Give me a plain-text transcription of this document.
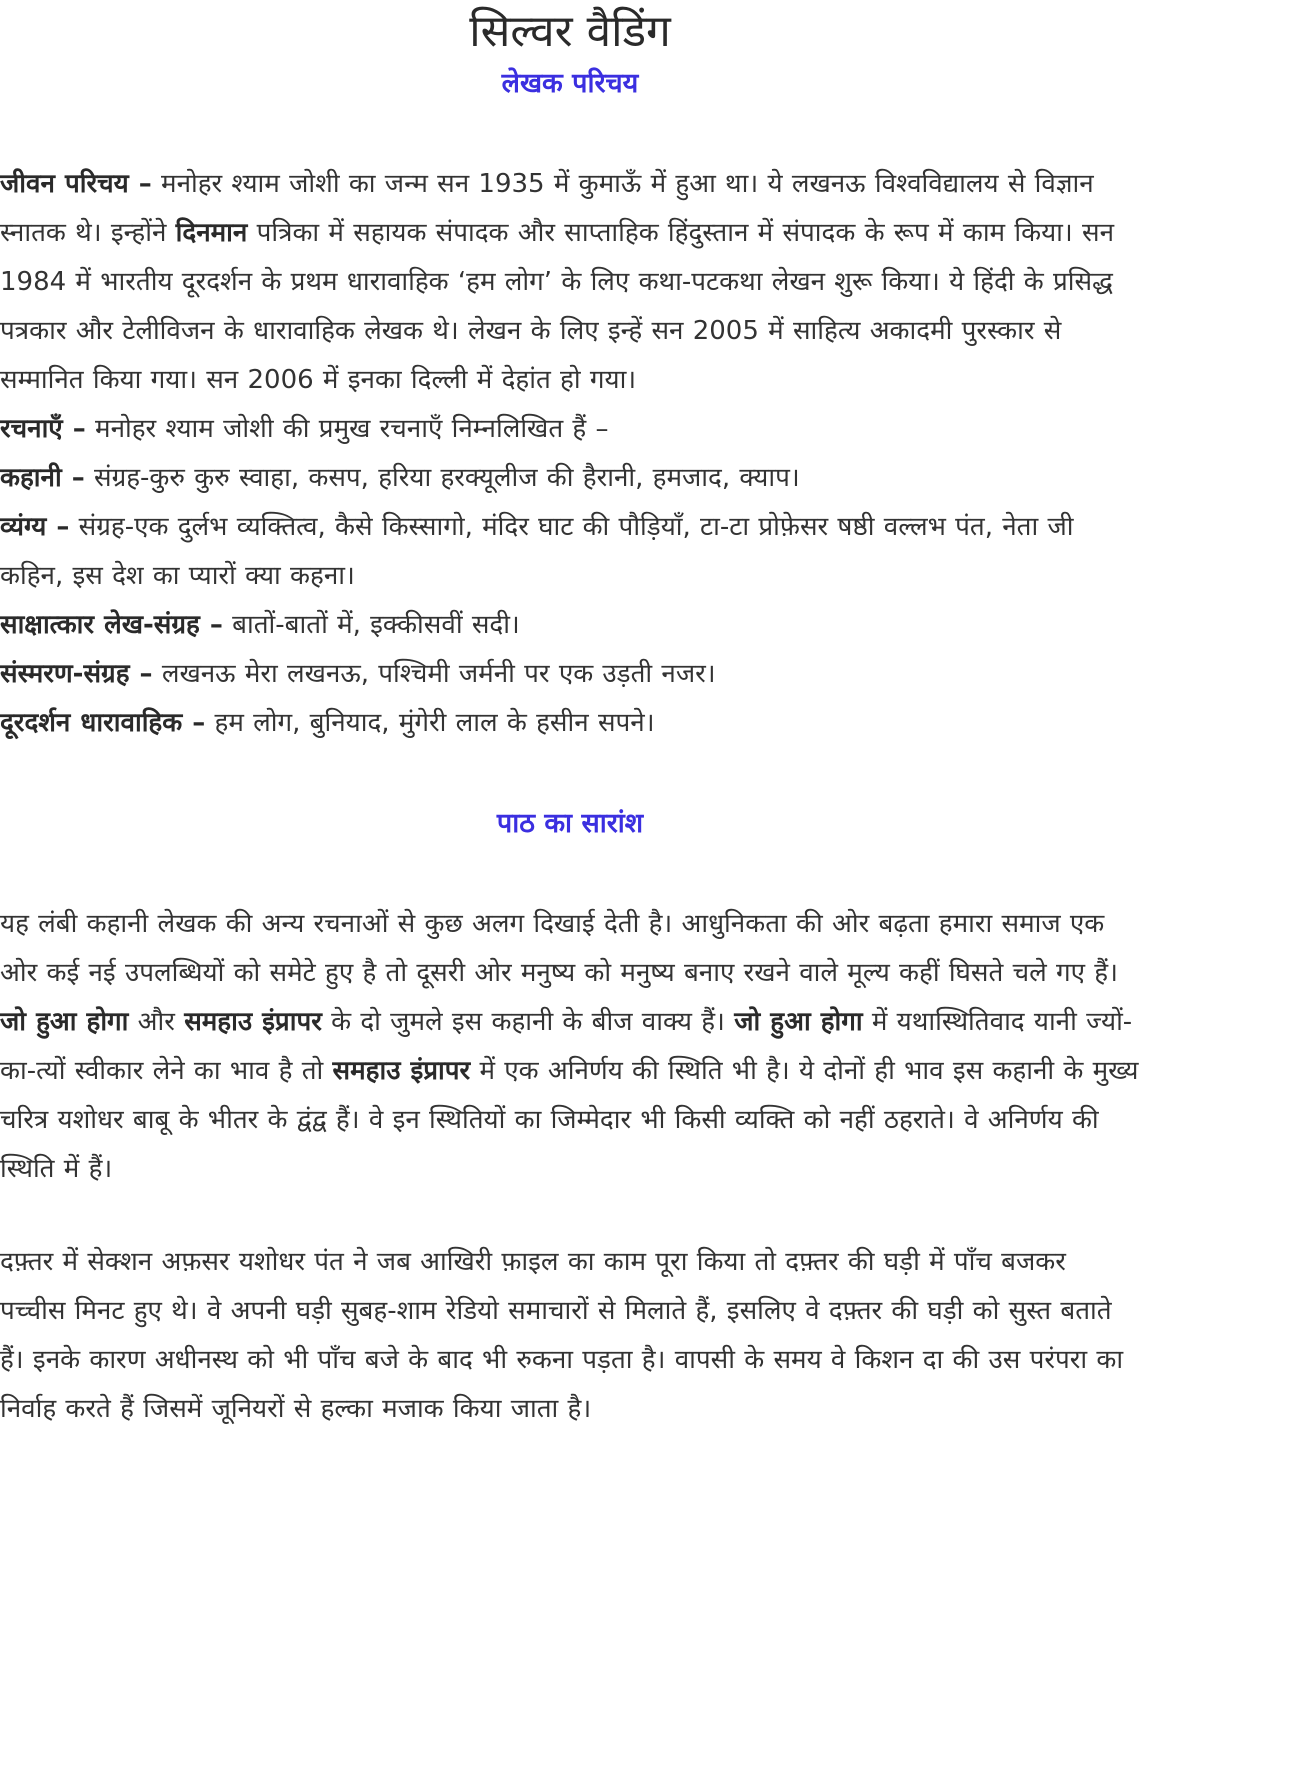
सिल्वर वैडिंग
लेखक परिचय

जीवन परिचय – मनोहर श्याम जोशी का जन्म सन 1935 में कुमाऊँ में हुआ था। ये लखनऊ विश्वविद्यालय से विज्ञान स्नातक थे। इन्होंने दिनमान पत्रिका में सहायक संपादक और साप्ताहिक हिंदुस्तान में संपादक के रूप में काम किया। सन 1984 में भारतीय दूरदर्शन के प्रथम धारावाहिक ‘हम लोग’ के लिए कथा-पटकथा लेखन शुरू किया। ये हिंदी के प्रसिद्ध पत्रकार और टेलीविजन के धारावाहिक लेखक थे। लेखन के लिए इन्हें सन 2005 में साहित्य अकादमी पुरस्कार से सम्मानित किया गया। सन 2006 में इनका दिल्ली में देहांत हो गया।

रचनाएँ – मनोहर श्याम जोशी की प्रमुख रचनाएँ निम्नलिखित हैं –

कहानी – संग्रह-कुरु कुरु स्वाहा, कसप, हरिया हरक्यूलीज की हैरानी, हमजाद, क्याप।

व्यंग्य – संग्रह-एक दुर्लभ व्यक्तित्व, कैसे किस्सागो, मंदिर घाट की पौड़ियाँ, टा-टा प्रोफ़ेसर षष्ठी वल्लभ पंत, नेता जी कहिन, इस देश का प्यारों क्या कहना।

साक्षात्कार लेख-संग्रह – बातों-बातों में, इक्कीसवीं सदी।

संस्मरण-संग्रह – लखनऊ मेरा लखनऊ, पश्चिमी जर्मनी पर एक उड़ती नजर।

दूरदर्शन धारावाहिक – हम लोग, बुनियाद, मुंगेरी लाल के हसीन सपने।

पाठ का सारांश

यह लंबी कहानी लेखक की अन्य रचनाओं से कुछ अलग दिखाई देती है। आधुनिकता की ओर बढ़ता हमारा समाज एक ओर कई नई उपलब्धियों को समेटे हुए है तो दूसरी ओर मनुष्य को मनुष्य बनाए रखने वाले मूल्य कहीं घिसते चले गए हैं।

जो हुआ होगा और समहाउ इंप्रापर के दो जुमले इस कहानी के बीज वाक्य हैं। जो हुआ होगा में यथास्थितिवाद यानी ज्यों-का-त्यों स्वीकार लेने का भाव है तो समहाउ इंप्रापर में एक अनिर्णय की स्थिति भी है। ये दोनों ही भाव इस कहानी के मुख्य चरित्र यशोधर बाबू के भीतर के द्वंद्व हैं। वे इन स्थितियों का जिम्मेदार भी किसी व्यक्ति को नहीं ठहराते। वे अनिर्णय की स्थिति में हैं।

दफ़्तर में सेक्शन अफ़सर यशोधर पंत ने जब आखिरी फ़ाइल का काम पूरा किया तो दफ़्तर की घड़ी में पाँच बजकर पच्चीस मिनट हुए थे। वे अपनी घड़ी सुबह-शाम रेडियो समाचारों से मिलाते हैं, इसलिए वे दफ़्तर की घड़ी को सुस्त बताते हैं। इनके कारण अधीनस्थ को भी पाँच बजे के बाद भी रुकना पड़ता है। वापसी के समय वे किशन दा की उस परंपरा का निर्वाह करते हैं जिसमें जूनियरों से हल्का मजाक किया जाता है।
